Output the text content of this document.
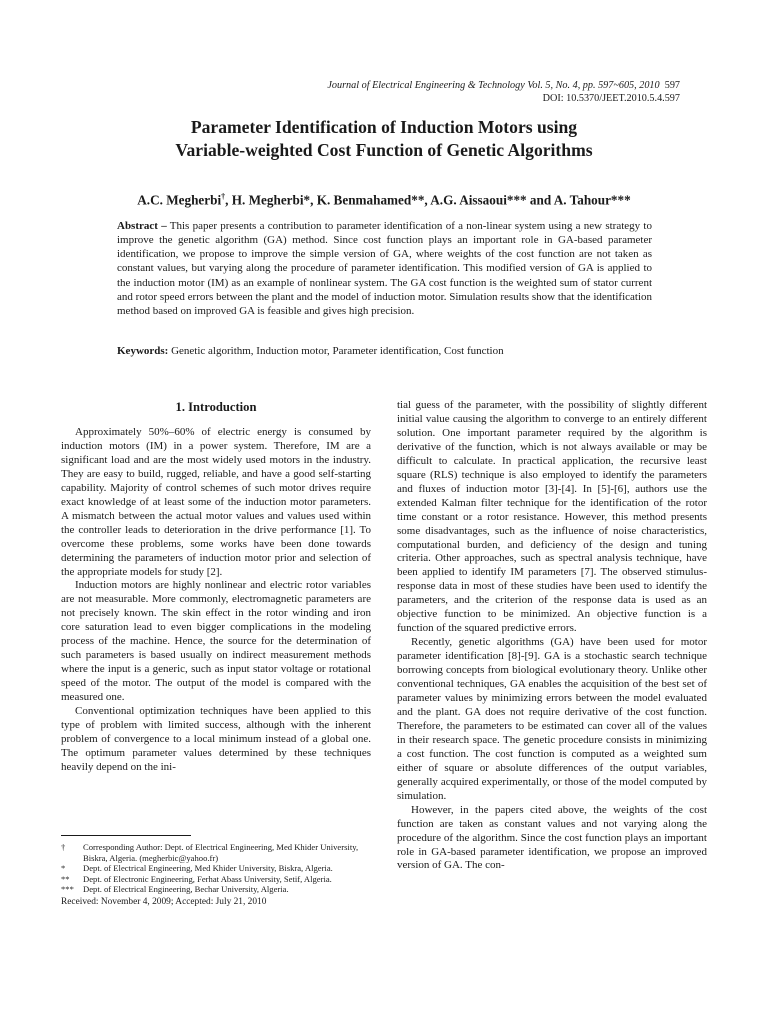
Journal of Electrical Engineering & Technology Vol. 5, No. 4, pp. 597~605, 2010 597
DOI: 10.5370/JEET.2010.5.4.597
Parameter Identification of Induction Motors using
Variable-weighted Cost Function of Genetic Algorithms
A.C. Megherbi†, H. Megherbi*, K. Benmahamed**, A.G. Aissaoui*** and A. Tahour***
Abstract – This paper presents a contribution to parameter identification of a non-linear system using a new strategy to improve the genetic algorithm (GA) method. Since cost function plays an important role in GA-based parameter identification, we propose to improve the simple version of GA, where weights of the cost function are not taken as constant values, but varying along the procedure of parameter identification. This modified version of GA is applied to the induction motor (IM) as an example of nonlinear system. The GA cost function is the weighted sum of stator current and rotor speed errors between the plant and the model of induction motor. Simulation results show that the identification method based on improved GA is feasible and gives high precision.
Keywords: Genetic algorithm, Induction motor, Parameter identification, Cost function
1. Introduction

Approximately 50%–60% of electric energy is consumed by induction motors (IM) in a power system. Therefore, IM are a significant load and are the most widely used motors in the industry. They are easy to build, rugged, reliable, and have a good self-starting capability. Majority of control schemes of such motor drives require exact knowledge of at least some of the induction motor parameters. A mismatch between the actual motor values and values used within the controller leads to deterioration in the drive performance [1]. To overcome these problems, some works have been done towards determining the parameters of induction motor prior and selection of the appropriate models for study [2].

Induction motors are highly nonlinear and electric rotor variables are not measurable. More commonly, electromagnetic parameters are not precisely known. The skin effect in the rotor winding and iron core saturation lead to even bigger complications in the modeling process of the machine. Hence, the source for the determination of such parameters is based usually on indirect measurement methods where the input is a generic, such as input stator voltage or rotational speed of the motor. The output of the model is compared with the measured one.

Conventional optimization techniques have been applied to this type of problem with limited success, although with the inherent problem of convergence to a local minimum instead of a global one. The optimum parameter values determined by these techniques heavily depend on the ini-

tial guess of the parameter, with the possibility of slightly different initial value causing the algorithm to converge to an entirely different solution. One important parameter required by the algorithm is derivative of the function, which is not always available or may be difficult to calculate. In practical application, the recursive least square (RLS) technique is also employed to identify the parameters and fluxes of induction motor [3]-[4]. In [5]-[6], authors use the extended Kalman filter technique for the identification of the rotor time constant or a rotor resistance. However, this method presents some disadvantages, such as the influence of noise characteristics, computational burden, and deficiency of the design and tuning criteria. Other approaches, such as spectral analysis technique, have been applied to identify IM parameters [7]. The observed stimulus-response data in most of these studies have been used to identify the parameters, and the criterion of the response data is used as an objective function to be minimized. An objective function is a function of the squared predictive errors.

Recently, genetic algorithms (GA) have been used for motor parameter identification [8]-[9]. GA is a stochastic search technique borrowing concepts from biological evolutionary theory. Unlike other conventional techniques, GA enables the acquisition of the best set of parameter values by minimizing errors between the model evaluated and the plant. GA does not require derivative of the cost function. Therefore, the parameters to be estimated can cover all of the values in their research space. The genetic procedure consists in minimizing a cost function. The cost function is computed as a weighted sum either of square or absolute differences of the output variables, generally acquired experimentally, or those of the model computed by simulation.

However, in the papers cited above, the weights of the cost function are taken as constant values and not varying along the procedure of the algorithm. Since the cost function plays an important role in GA-based parameter identification, we propose an improved version of GA. The con-

†	Corresponding Author: Dept. of Electrical Engineering, Med Khider University, Biskra, Algeria. (megherbic@yahoo.fr)
*	Dept. of Electrical Engineering, Med Khider University, Biskra, Algeria.
**	Dept. of Electronic Engineering, Ferhat Abass University, Setif, Algeria.
***	Dept. of Electrical Engineering, Bechar University, Algeria.
Received: November 4, 2009; Accepted: July 21, 2010
